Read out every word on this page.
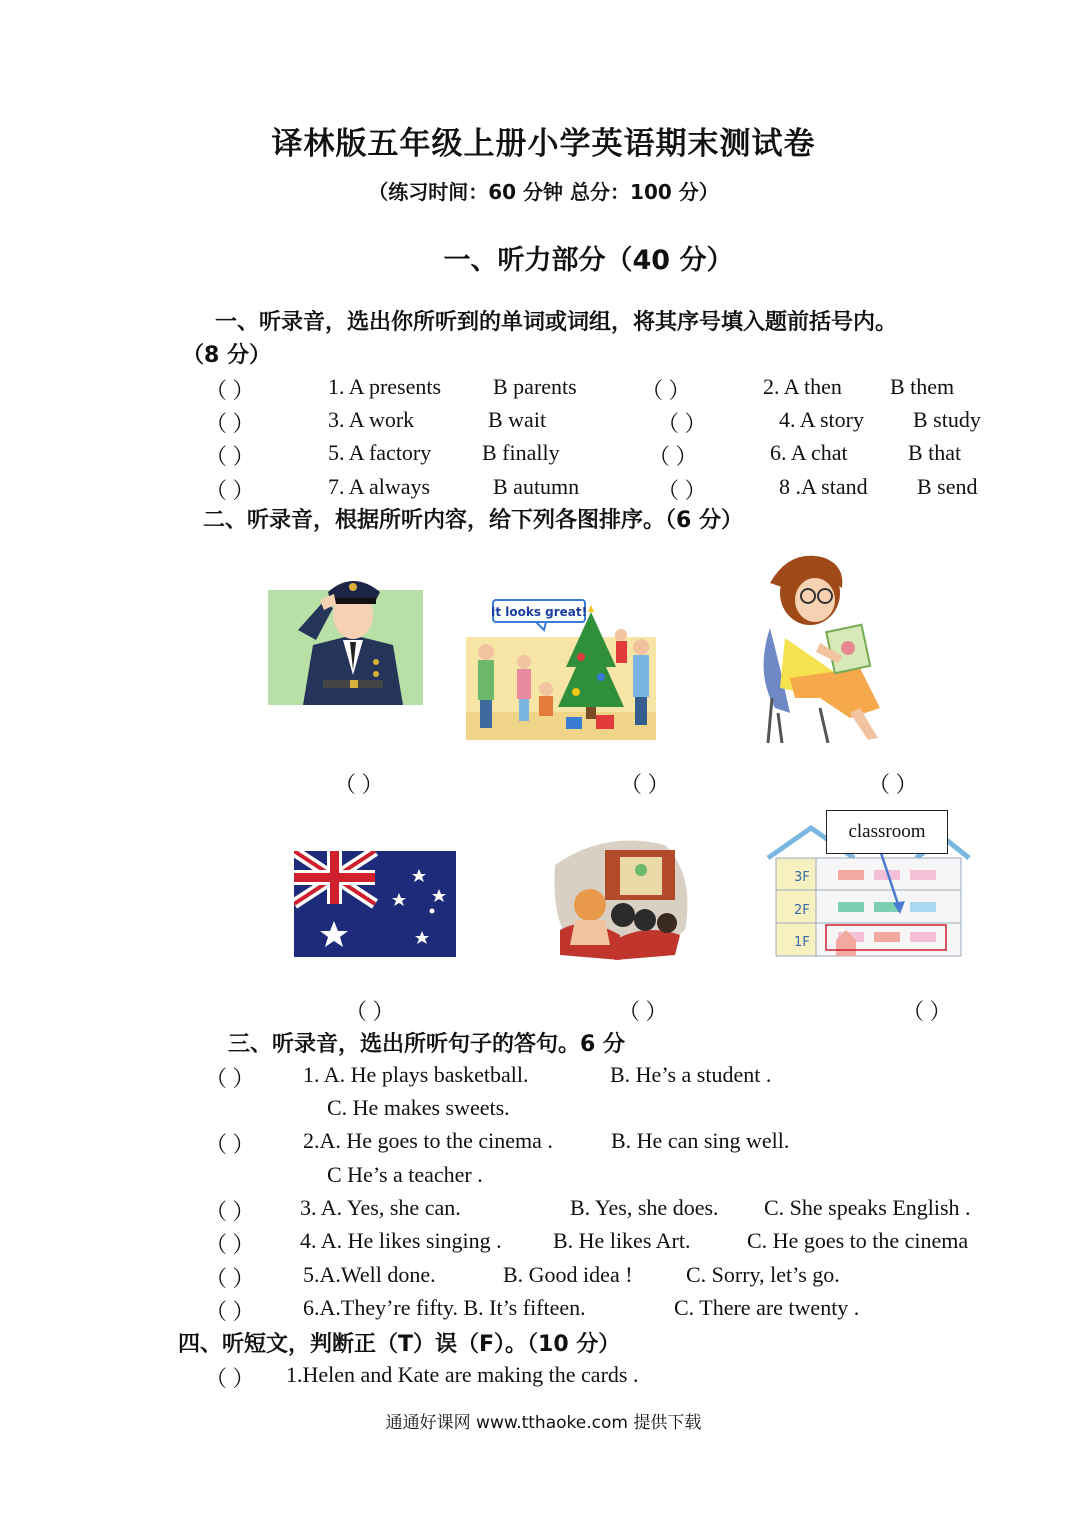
译林版五年级上册小学英语期末测试卷
（练习时间：60 分钟 总分：100 分）
一、听力部分（40 分）
一、听录音，选出你所听到的单词或词组，将其序号填入题前括号内。
（8 分）
（ ）	1. A presents B parents	（ ）	2. A then B them
（ ）	3. A work	B wait	（ ）	4. A story B study
（ ）	5. A factory B finally	（ ）	6. A chat	B that
（ ）	7. A always	B autumn	（ ）	8 .A stand B send
二、听录音，根据所听内容，给下列各图排序。（6 分）
It looks great!
（ ）	（ ）	（ ）
3F
2F
1F
classroom
（ ）	（ ）	（ ）
三、听录音，选出所听句子的答句。6 分
（ ） 1. A. He plays basketball.	B. He’s a student .
C. He makes sweets.
（ ） 2.A. He goes to the cinema .	B. He can sing well.
C He’s a teacher .
（ ） 3. A. Yes, she can.	B. Yes, she does. C. She speaks English .
（ ） 4. A. He likes singing . B. He likes Art.	C. He goes to the cinema
（ ） 5.A.Well done.	B. Good idea ! C. Sorry, let’s go.
（ ） 6.A.They’re fifty. B. It’s fifteen.	C. There are twenty .
四、听短文，判断正（T）误（F）。（10 分）
（ ） 1.Helen and Kate are making the cards .
通通好课网 www.tthaoke.com 提供下载
